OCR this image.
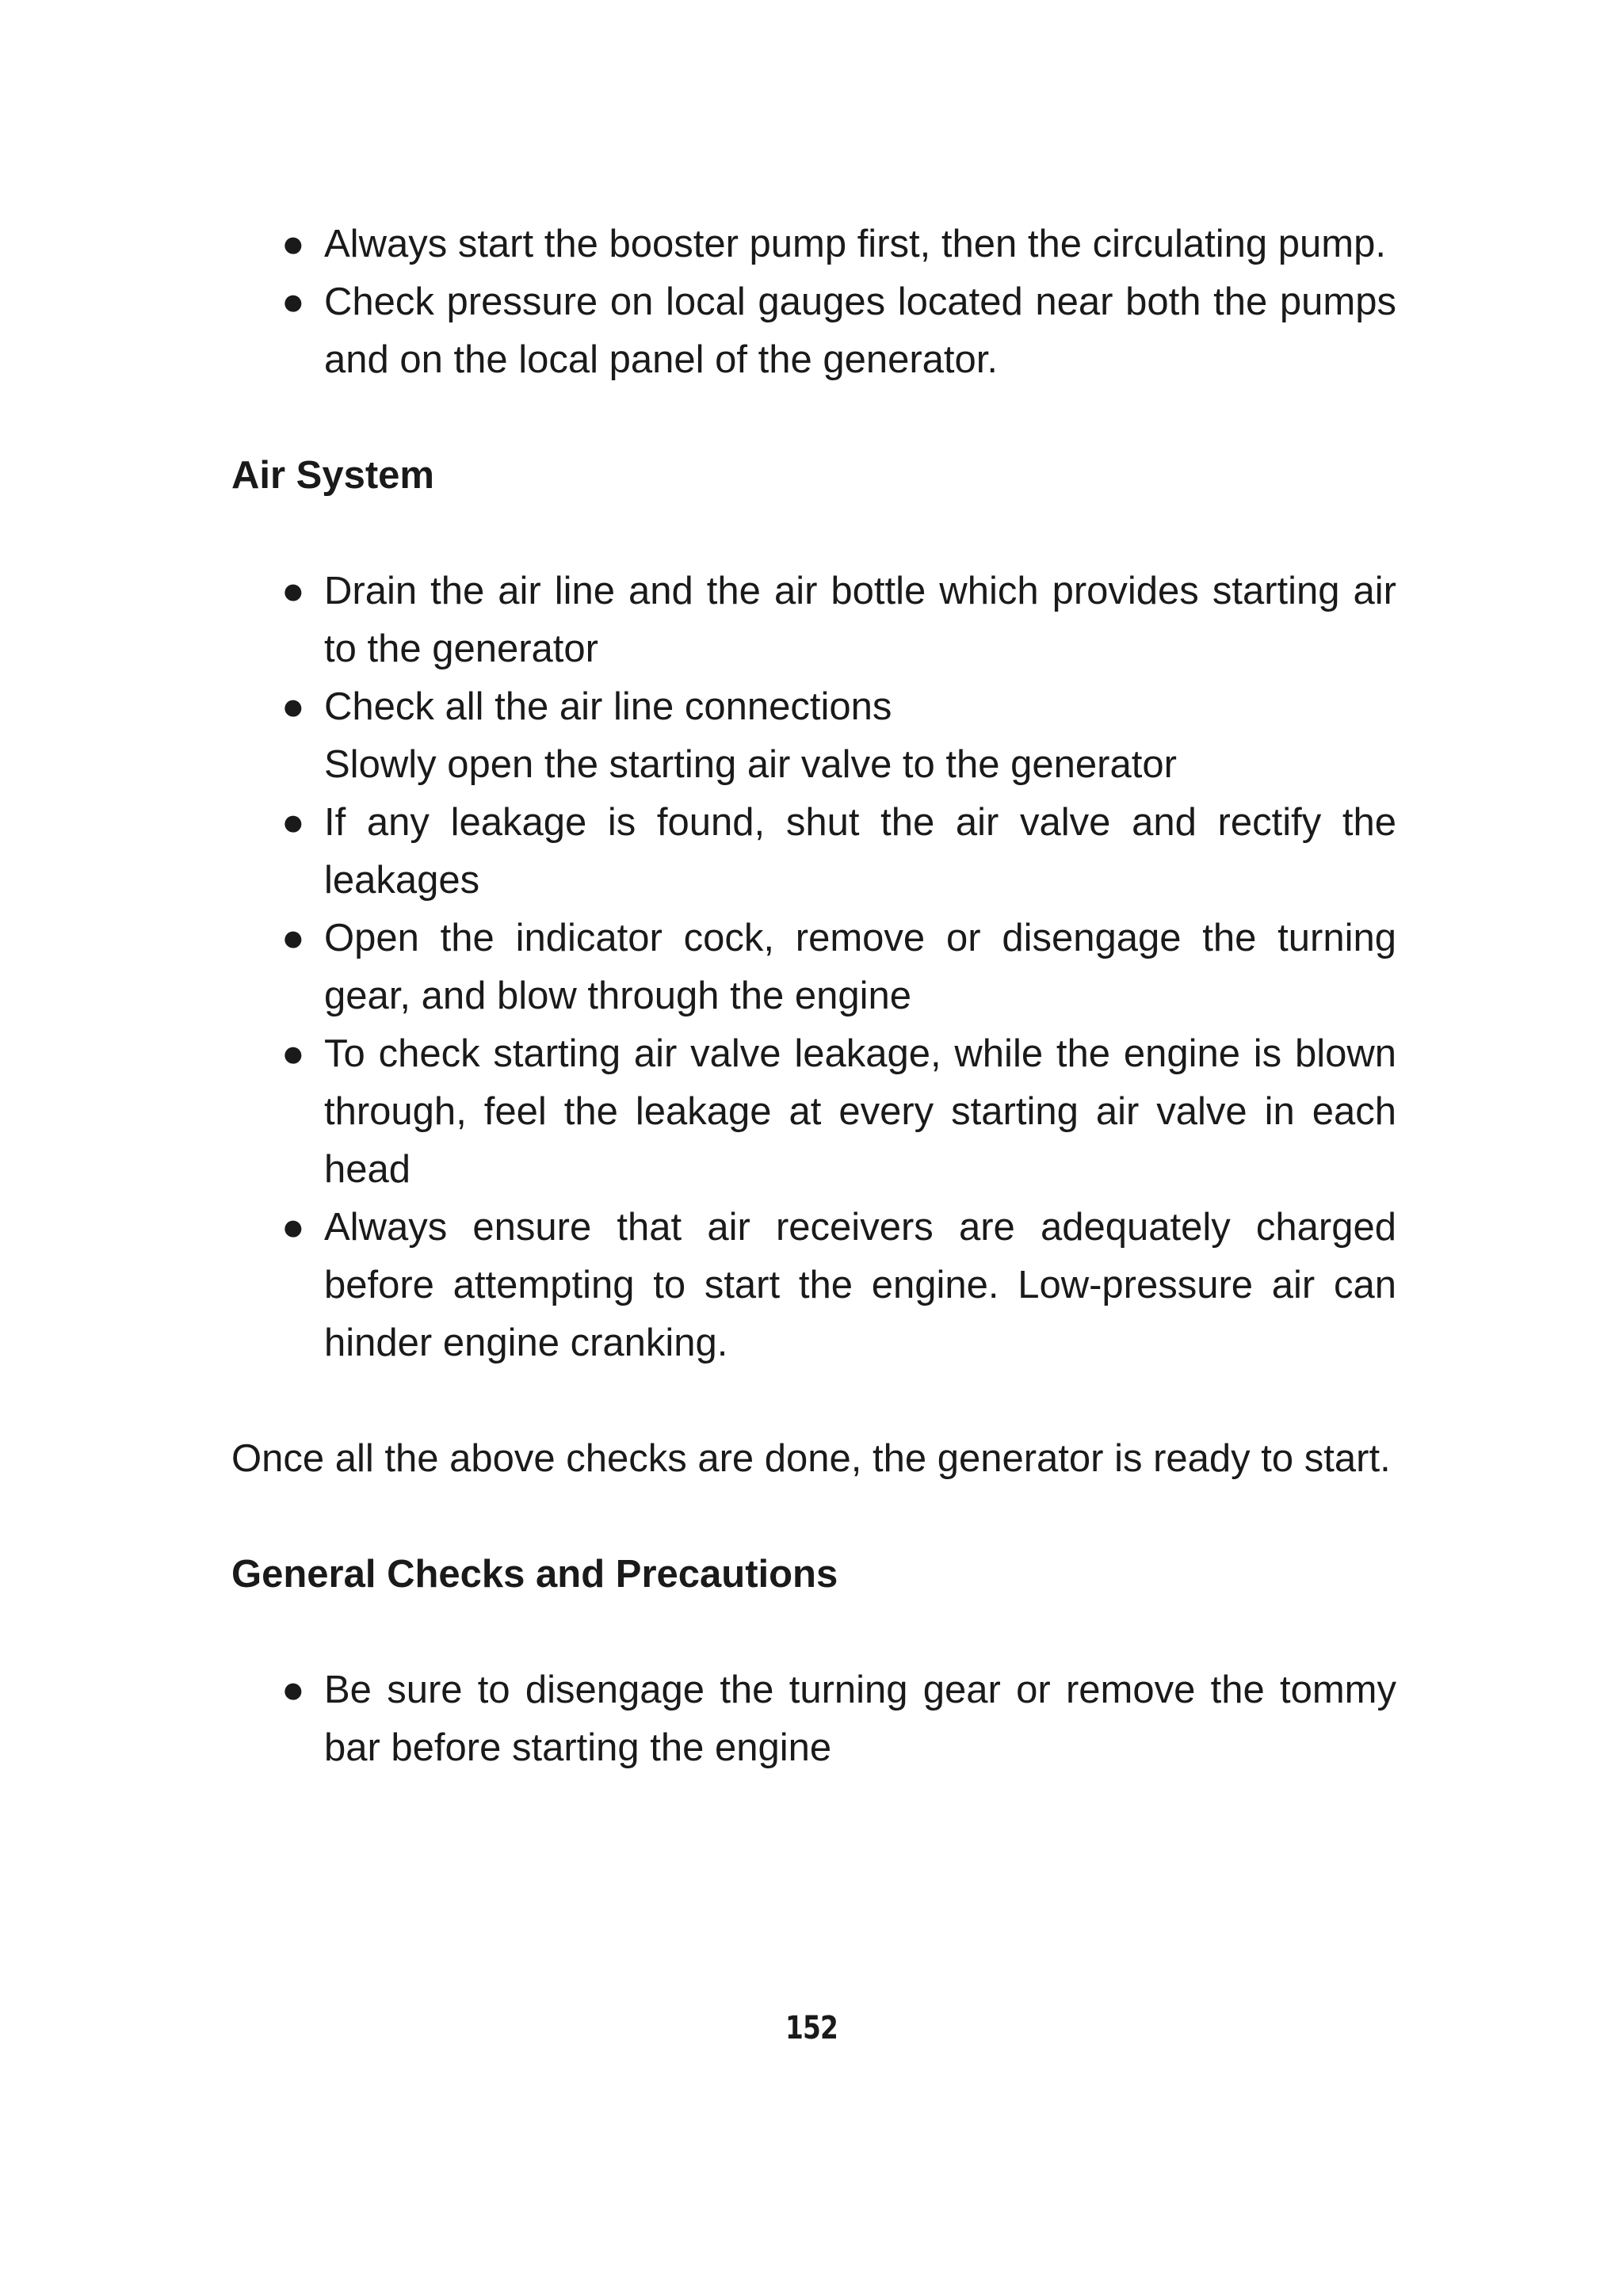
● Always start the booster pump first, then the circulating pump.
● Check pressure on local gauges located near both the pumps and on the local panel of the generator.

Air System

● Drain the air line and the air bottle which provides starting air to the generator
● Check all the air line connections
Slowly open the starting air valve to the generator
● If any leakage is found, shut the air valve and rectify the leakages
● Open the indicator cock, remove or disengage the turning gear, and blow through the engine
● To check starting air valve leakage, while the engine is blown through, feel the leakage at every starting air valve in each head
● Always ensure that air receivers are adequately charged before attempting to start the engine. Low-pressure air can hinder engine cranking.

Once all the above checks are done, the generator is ready to start.

General Checks and Precautions

● Be sure to disengage the turning gear or remove the tommy bar before starting the engine
152
